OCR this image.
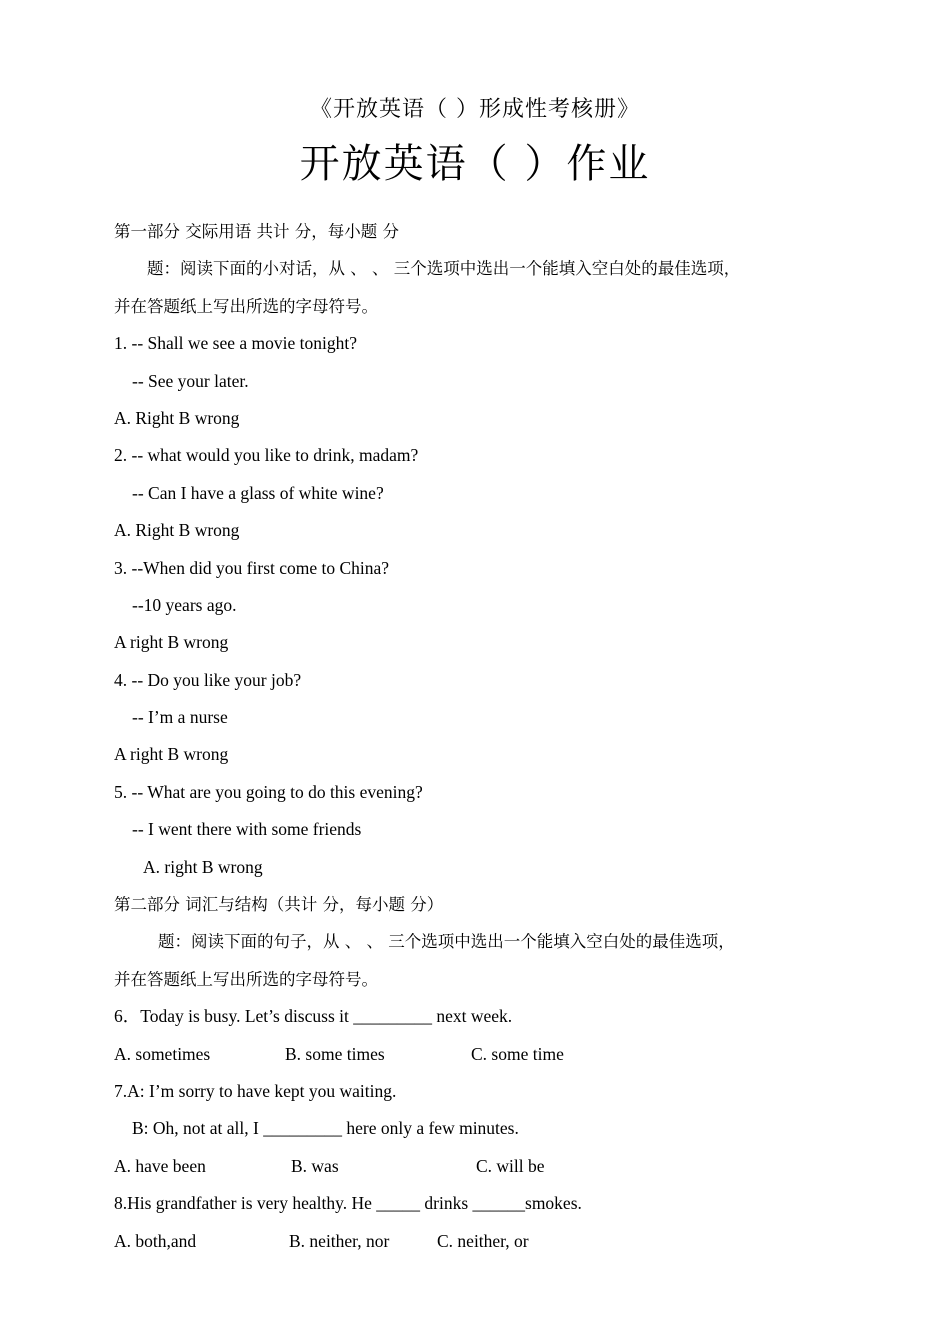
《开放英语（ ）形成性考核册》
开放英语（ ）作业
第一部分 交际用语 共计 分，每小题 分
题：阅读下面的小对话，从 、 、 三个选项中选出一个能填入空白处的最佳选项，
并在答题纸上写出所选的字母符号。
1. -- Shall we see a movie tonight?
-- See your later.
A. Right B wrong
2. -- what would you like to drink, madam?
-- Can I have a glass of white wine?
A. Right B wrong
3. --When did you first come to China?
--10 years ago.
A right B wrong
4. -- Do you like your job?
-- I’m a nurse
A right B wrong
5. -- What are you going to do this evening?
-- I went there with some friends
A. right B wrong
第二部分 词汇与结构（共计 分，每小题 分）
题：阅读下面的句子，从 、 、 三个选项中选出一个能填入空白处的最佳选项，
并在答题纸上写出所选的字母符号。
6．Today is busy. Let’s discuss it _________ next week.
A. sometimes	B. some times	C. some time
7.A: I’m sorry to have kept you waiting.
B: Oh, not at all, I _________ here only a few minutes.
A. have been	B. was	C. will be
8.His grandfather is very healthy. He _____ drinks ______smokes.
A. both,and	B. neither, nor	C. neither, or
